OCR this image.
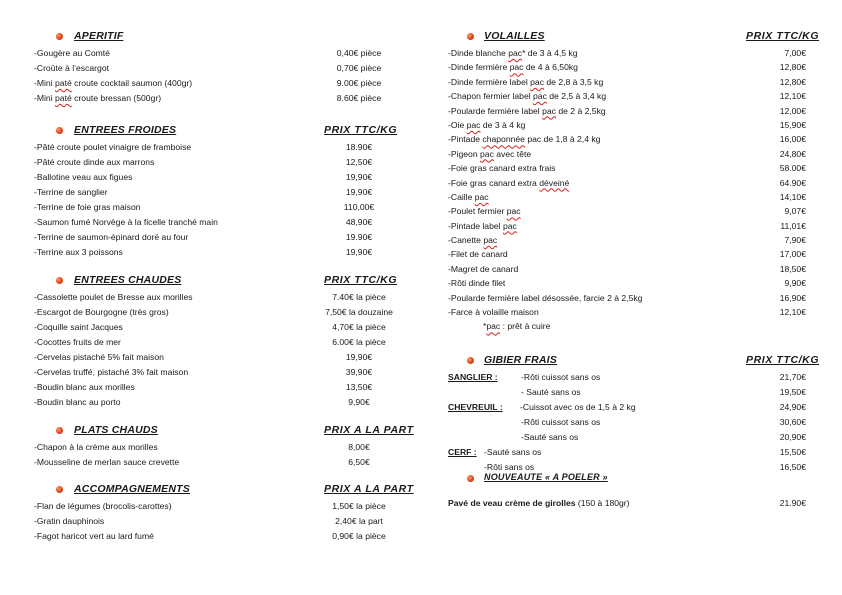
APERITIF
-Gougère au Comté	0,40€ pièce
-Croûte à l’escargot	0,70€ pièce
-Mini paté croute cocktail saumon (400gr)	9.00€ pièce
-Mini paté croute bressan (500gr)	8.60€ pièce
ENTREES FROIDES	PRIX TTC/KG
-Pâté croute poulet vinaigre de framboise	18.90€
-Pâté croute dinde aux marrons	12,50€
-Ballotine veau aux figues	19,90€
-Terrine de sanglier	19,90€
-Terrine de foie gras maison	110,00€
-Saumon fumé Norvège à la ficelle tranché main	48,90€
-Terrine de saumon-épinard doré au four	19.90€
-Terrine aux 3 poissons	19,90€
ENTREES CHAUDES	PRIX TTC/KG
-Cassolette poulet de Bresse aux morilles	7.40€ la pièce
-Escargot de Bourgogne (très gros)	7,50€ la douzaine
-Coquille saint Jacques	4,70€ la pièce
-Cocottes fruits de mer	6.00€ la pièce
-Cervelas pistaché 5% fait maison	19,90€
-Cervelas truffé, pistaché 3% fait maison	39,90€
-Boudin blanc aux morilles	13,50€
-Boudin blanc au porto	9,90€
PLATS CHAUDS	PRIX A LA PART
-Chapon à la crème aux morilles	8,00€
-Mousseline de merlan sauce crevette	6,50€
ACCOMPAGNEMENTS	PRIX A LA PART
-Flan de légumes (brocolis-carottes)	1,50€ la pièce
-Gratin dauphinois	2,40€ la part
-Fagot haricot vert au lard fumé	0,90€ la pièce
VOLAILLES	PRIX TTC/KG
-Dinde blanche pac* de 3 à 4,5 kg	7,00€
-Dinde fermière pac de 4 à 6,50kg	12,80€
-Dinde fermière label pac de 2,8 à 3,5 kg	12,80€
-Chapon fermier label pac de 2,5 à 3,4 kg	12,10€
-Poularde fermière label pac de 2 à 2,5kg	12,00€
-Oie pac de 3 à 4 kg	15,90€
-Pintade chaponnée pac de 1,8 à 2,4 kg	16,00€
-Pigeon pac avec tête	24,80€
-Foie gras canard extra frais	58.00€
-Foie gras canard extra déveiné	64.90€
-Caille pac	14,10€
-Poulet fermier pac	9,07€
-Pintade label pac	11,01€
-Canette pac	7,90€
-Filet de canard	17,00€
-Magret de canard	18,50€
-Rôti dinde filet	9,90€
-Poularde fermière label désossée, farcie 2 à 2,5kg	16,90€
-Farce à volaille maison	12,10€
*pac : prêt à cuire
GIBIER FRAIS	PRIX TTC/KG
SANGLIER :	-Rôti cuissot sans os	21,70€
- Sauté sans os	19,50€
CHEVREUIL : -Cuissot avec os de 1,5 à 2 kg	24,90€
-Rôti cuissot sans os	30,60€
-Sauté sans os	20,90€
CERF : -Sauté sans os	15,50€
-Rôti sans os	16,50€
NOUVEAUTE « A POELER »
Pavé de veau crème de girolles (150 à 180gr)	21.90€
